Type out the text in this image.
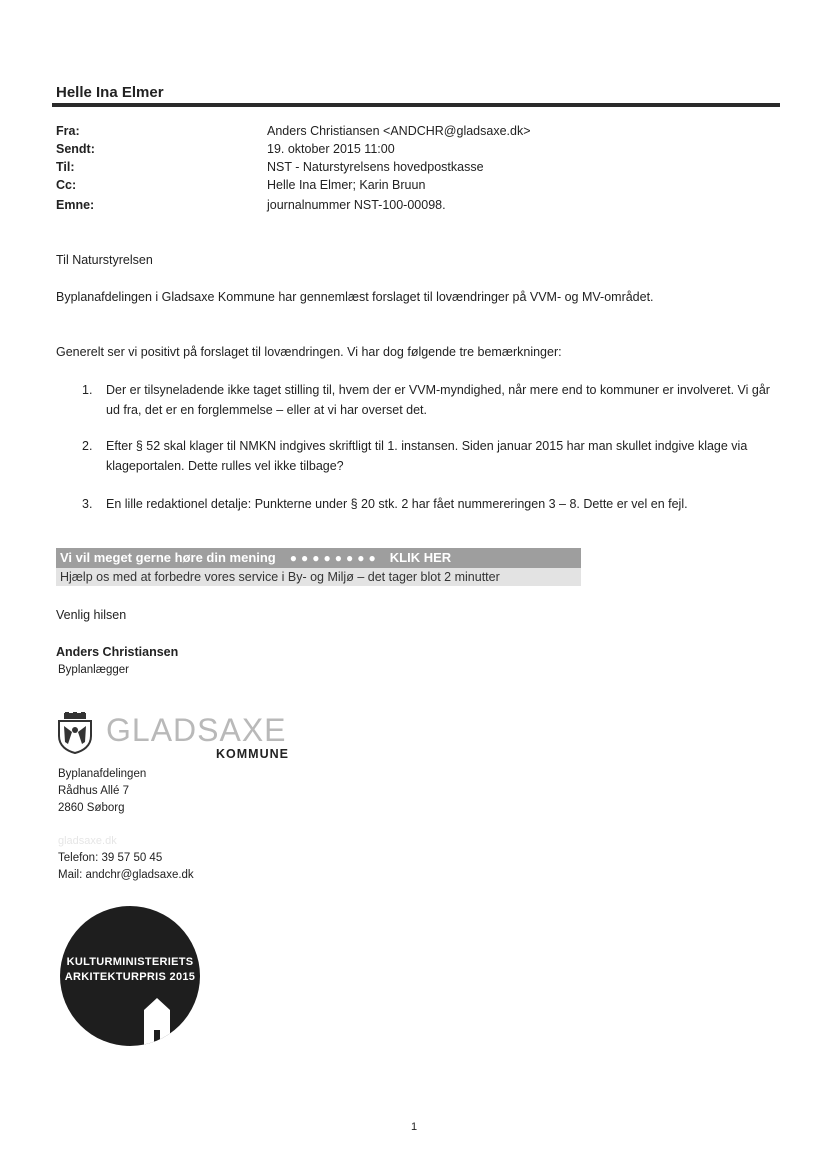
Helle Ina Elmer
Fra:	Anders Christiansen <ANDCHR@gladsaxe.dk>
Sendt:	19. oktober 2015 11:00
Til:	NST - Naturstyrelsens hovedpostkasse
Cc:	Helle Ina Elmer; Karin Bruun
Emne:	journalnummer NST-100-00098.
Til Naturstyrelsen
Byplanafdelingen i Gladsaxe Kommune har gennemlæst forslaget til lovændringer på VVM- og MV-området.
Generelt ser vi positivt på forslaget til lovændringen. Vi har dog følgende tre bemærkninger:
1. Der er tilsyneladende ikke taget stilling til, hvem der er VVM-myndighed, når mere end to kommuner er involveret. Vi går ud fra, det er en forglemmelse – eller at vi har overset det.
2. Efter § 52 skal klager til NMKN indgives skriftligt til 1. instansen. Siden januar 2015 har man skullet indgive klage via klageportalen. Dette rulles vel ikke tilbage?
3. En lille redaktionel detalje: Punkterne under § 20 stk. 2 har fået nummereringen 3 – 8. Dette er vel en fejl.
Vi vil meget gerne høre din mening ●●●●●●●● KLIK HER
Hjælp os med at forbedre vores service i By- og Miljø – det tager blot 2 minutter
Venlig hilsen
Anders Christiansen
Byplanlægger
GLADSAXE
KOMMUNE
Byplanafdelingen
Rådhus Allé 7
2860 Søborg
gladsaxe.dk
Telefon: 39 57 50 45
Mail: andchr@gladsaxe.dk
KULTURMINISTERIETS
ARKITEKTURPRIS 2015
1
